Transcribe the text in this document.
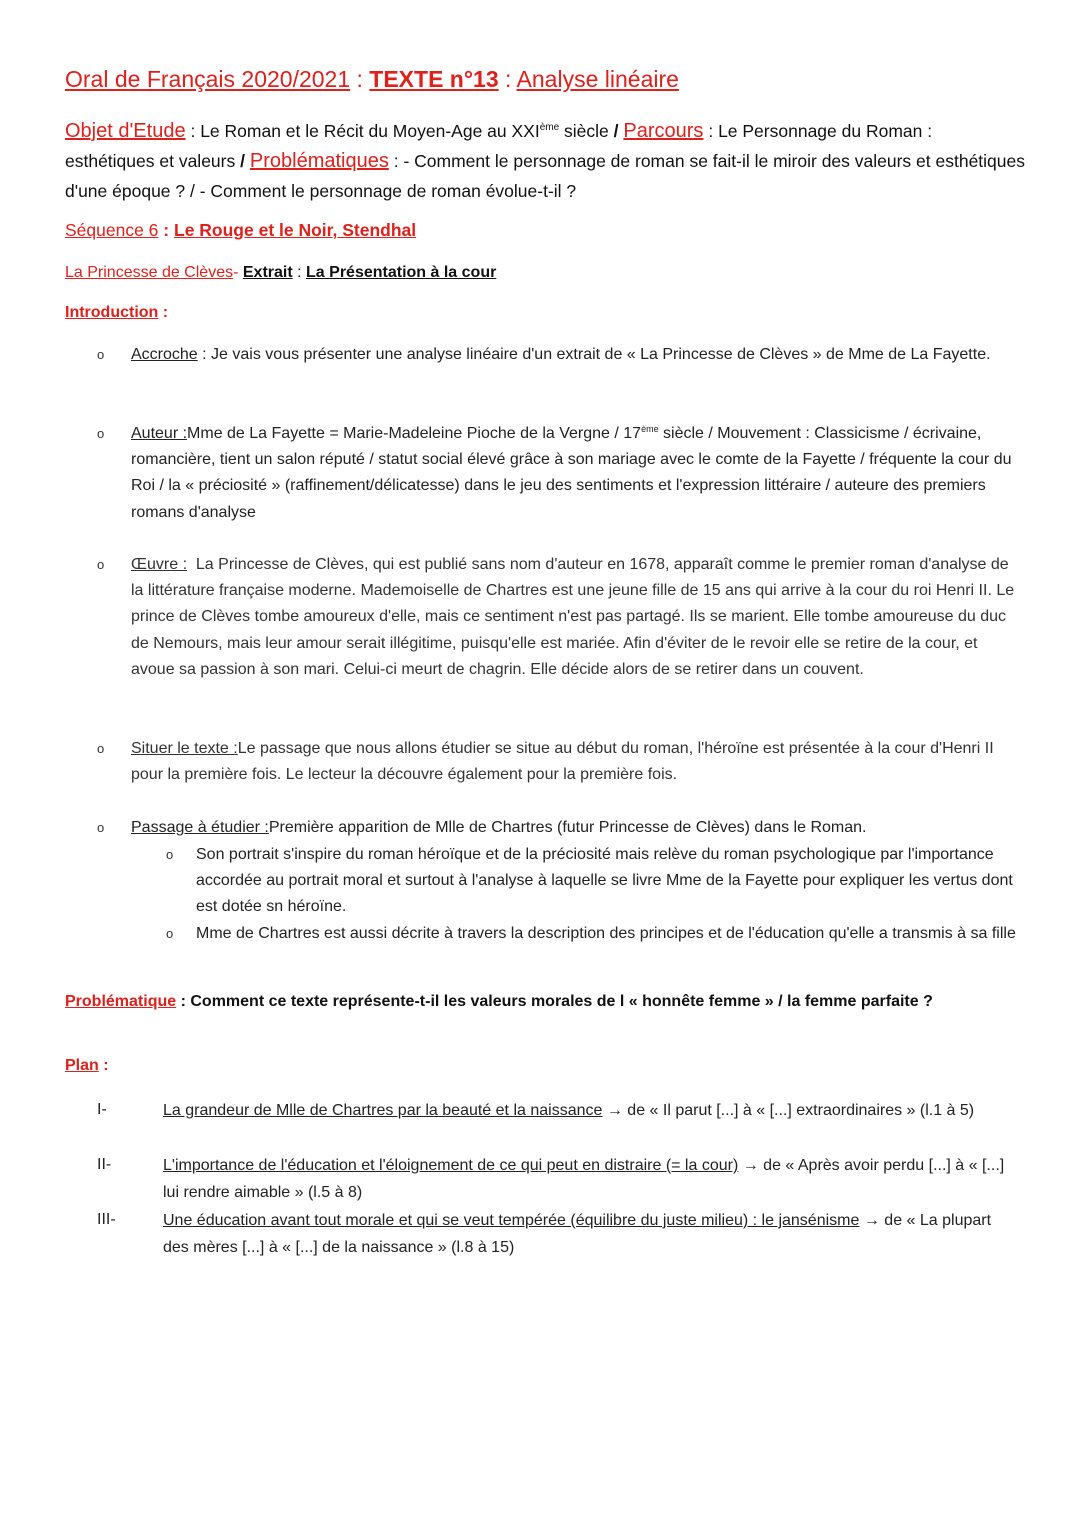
Oral de Français 2020/2021 : TEXTE n°13 : Analyse linéaire
Objet d'Etude : Le Roman et le Récit du Moyen-Age au XXIème siècle / Parcours : Le Personnage du Roman : esthétiques et valeurs / Problématiques : - Comment le personnage de roman se fait-il le miroir des valeurs et esthétiques d'une époque ? / - Comment le personnage de roman évolue-t-il ?
Séquence 6 : Le Rouge et le Noir, Stendhal
La Princesse de Clèves- Extrait : La Présentation à la cour
Introduction :
o Accroche : Je vais vous présenter une analyse linéaire d'un extrait de « La Princesse de Clèves » de Mme de La Fayette.
o Auteur :Mme de La Fayette = Marie-Madeleine Pioche de la Vergne / 17ème siècle / Mouvement : Classicisme / écrivaine, romancière, tient un salon réputé / statut social élevé grâce à son mariage avec le comte de la Fayette / fréquente la cour du Roi / la « préciosité » (raffinement/délicatesse) dans le jeu des sentiments et l'expression littéraire / auteure des premiers romans d'analyse
o Œuvre : La Princesse de Clèves, qui est publié sans nom d'auteur en 1678, apparaît comme le premier roman d'analyse de la littérature française moderne. Mademoiselle de Chartres est une jeune fille de 15 ans qui arrive à la cour du roi Henri II. Le prince de Clèves tombe amoureux d'elle, mais ce sentiment n'est pas partagé. Ils se marient. Elle tombe amoureuse du duc de Nemours, mais leur amour serait illégitime, puisqu'elle est mariée. Afin d'éviter de le revoir elle se retire de la cour, et avoue sa passion à son mari. Celui-ci meurt de chagrin. Elle décide alors de se retirer dans un couvent.
o Situer le texte :Le passage que nous allons étudier se situe au début du roman, l'héroïne est présentée à la cour d'Henri II pour la première fois. Le lecteur la découvre également pour la première fois.
o Passage à étudier :Première apparition de Mlle de Chartres (futur Princesse de Clèves) dans le Roman.
o Son portrait s'inspire du roman héroïque et de la préciosité mais relève du roman psychologique par l'importance accordée au portrait moral et surtout à l'analyse à laquelle se livre Mme de la Fayette pour expliquer les vertus dont est dotée sn héroïne.
o Mme de Chartres est aussi décrite à travers la description des principes et de l'éducation qu'elle a transmis à sa fille
Problématique : Comment ce texte représente-t-il les valeurs morales de l « honnête femme » / la femme parfaite ?
Plan :
I-	La grandeur de Mlle de Chartres par la beauté et la naissance → de « Il parut [...] à « [...] extraordinaires » (l.1 à 5)
II-	L'importance de l'éducation et l'éloignement de ce qui peut en distraire (= la cour) → de « Après avoir perdu [...] à « [...] lui rendre aimable » (l.5 à 8)
III-	Une éducation avant tout morale et qui se veut tempérée (équilibre du juste milieu) : le jansénisme → de « La plupart des mères [...] à « [...] de la naissance » (l.8 à 15)
